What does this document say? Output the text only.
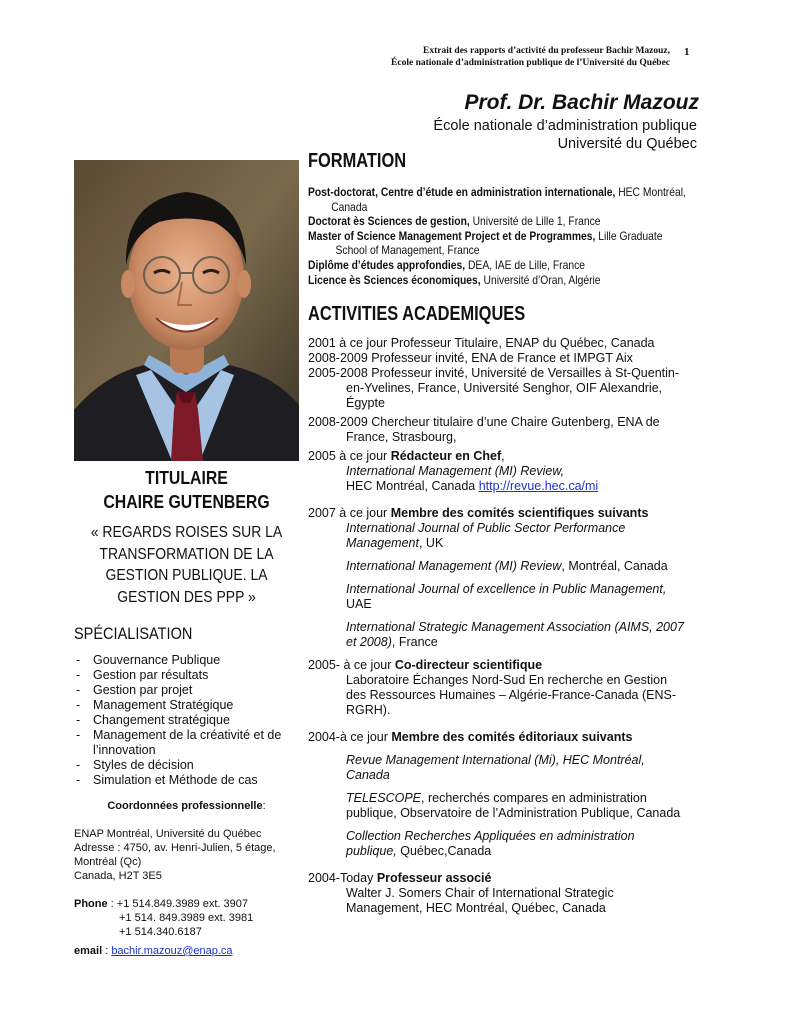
Extrait des rapports d’activité du professeur Bachir Mazouz,
École nationale d’administration publique de l’Université du Québec
1
Prof. Dr. Bachir Mazouz
École nationale d’administration publique
Université du Québec
TITULAIRE
CHAIRE GUTENBERG
« REGARDS ROISES SUR LA TRANSFORMATION DE LA GESTION PUBLIQUE. LA GESTION DES PPP »
SPÉCIALISATION
- Gouvernance Publique
- Gestion par résultats
- Gestion par projet
- Management Stratégique
- Changement stratégique
- Management de la créativité et de l’innovation
- Styles de décision
- Simulation et Méthode de cas
Coordonnées professionnelle:
ENAP Montréal, Université du Québec
Adresse : 4750, av. Henri-Julien, 5 étage,
Montréal (Qc)
Canada, H2T 3E5
Phone : +1 514.849.3989 ext. 3907
+1 514. 849.3989 ext. 3981
+1 514.340.6187
email : bachir.mazouz@enap.ca
FORMATION
Post-doctorat, Centre d’étude en administration internationale, HEC Montréal,
Canada
Doctorat ès Sciences de gestion, Université de Lille 1, France
Master of Science Management Project et de Programmes, Lille Graduate
School of Management, France
Diplôme d’études approfondies, DEA, IAE de Lille, France
Licence ès Sciences économiques, Université d’Oran, Algérie
ACTIVITIES ACADEMIQUES
2001 à ce jour Professeur Titulaire, ENAP du Québec, Canada
2008-2009 Professeur invité, ENA de France et IMPGT Aix
2005-2008 Professeur invité, Université de Versailles à St-Quentin-
en-Yvelines, France, Université Senghor, OIF Alexandrie,
Égypte
2008-2009 Chercheur titulaire d’une Chaire Gutenberg, ENA de
France, Strasbourg,
2005 à ce jour Rédacteur en Chef,
International Management (MI) Review,
HEC Montréal, Canada http://revue.hec.ca/mi
2007 à ce jour Membre des comités scientifiques suivants
International Journal of Public Sector Performance
Management, UK
International Management (MI) Review, Montréal, Canada
International Journal of excellence in Public Management,
UAE
International Strategic Management Association (AIMS, 2007
et 2008), France
2005- à ce jour Co-directeur scientifique
Laboratoire Échanges Nord-Sud En recherche en Gestion
des Ressources Humaines – Algérie-France-Canada (ENS-
RGRH).
2004-à ce jour Membre des comités éditoriaux suivants
Revue Management International (Mi), HEC Montréal,
Canada
TELESCOPE, recherchés compares en administration
publique, Observatoire de l’Administration Publique, Canada
Collection Recherches Appliquées en administration
publique, Québec,Canada
2004-Today Professeur associé
Walter J. Somers Chair of International Strategic
Management, HEC Montréal, Québec, Canada
